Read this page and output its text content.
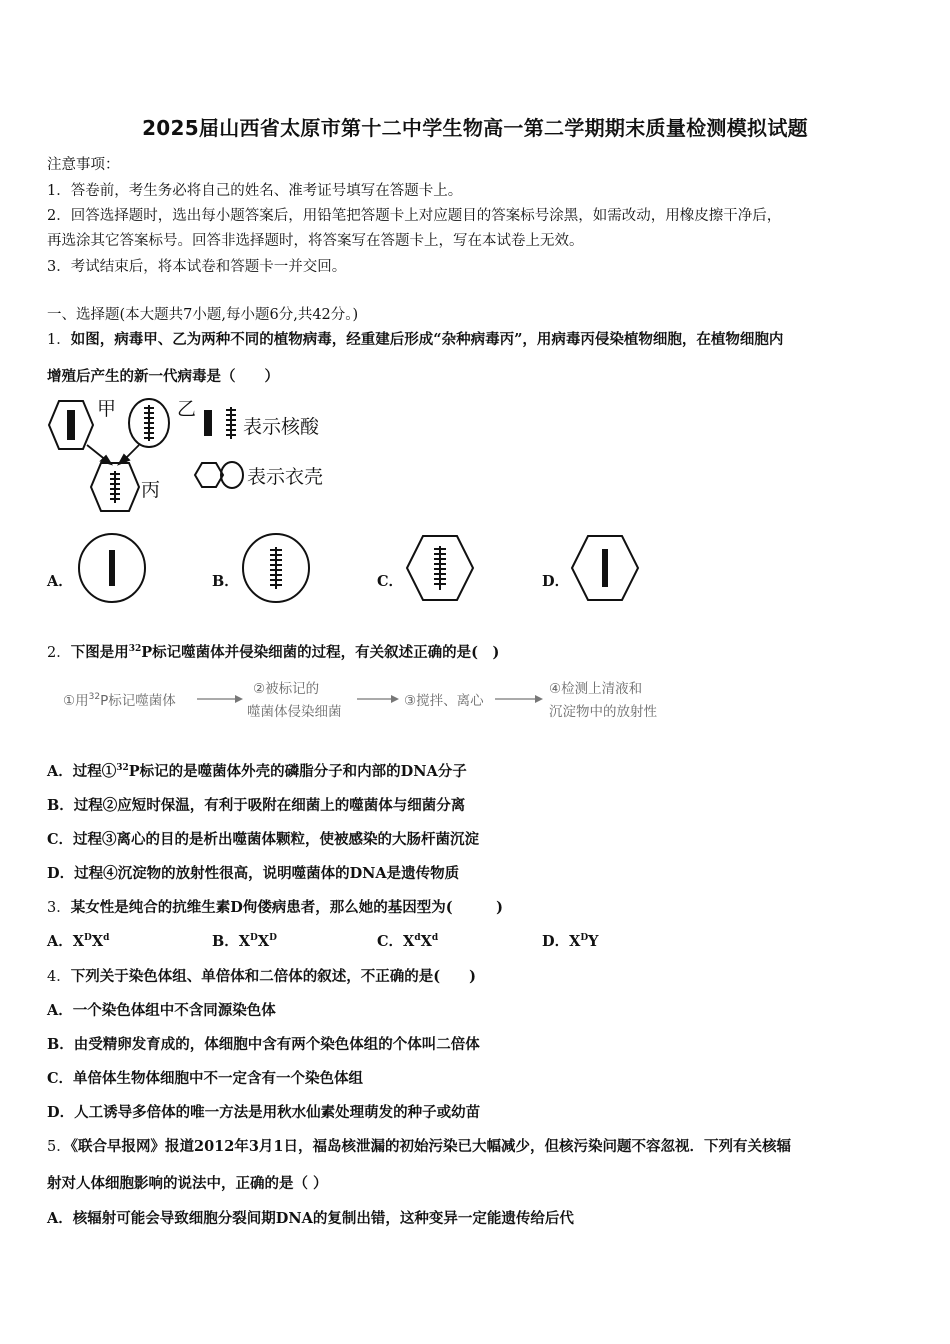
2025届山西省太原市第十二中学生物高一第二学期期末质量检测模拟试题
注意事项：
1．答卷前，考生务必将自己的姓名、准考证号填写在答题卡上。
2．回答选择题时，选出每小题答案后，用铅笔把答题卡上对应题目的答案标号涂黑，如需改动，用橡皮擦干净后，
再选涂其它答案标号。回答非选择题时，将答案写在答题卡上，写在本试卷上无效。
3．考试结束后，将本试卷和答题卡一并交回。
一、选择题(本大题共7小题,每小题6分,共42分。)
1．如图，病毒甲、乙为两种不同的植物病毒，经重建后形成“杂种病毒丙”，用病毒丙侵染植物细胞，在植物细胞内
增殖后产生的新一代病毒是（　　）
甲	乙
丙
表示核酸
表示衣壳
A．	B．	C．	D．
2．下图是用$^{32}$P标记噬菌体并侵染细菌的过程，有关叙述正确的是(　)
①用$^{32}$P标记噬菌体
②被标记的
噬菌体侵染细菌
③搅拌、离心
④检测上清液和
沉淀物中的放射性
A．过程①$^{32}$P标记的是噬菌体外壳的磷脂分子和内部的DNA分子
B．过程②应短时保温，有利于吸附在细菌上的噬菌体与细菌分离
C．过程③离心的目的是析出噬菌体颗粒，使被感染的大肠杆菌沉淀
D．过程④沉淀物的放射性很高，说明噬菌体的DNA是遗传物质
3．某女性是纯合的抗维生素D佝偻病患者，那么她的基因型为(　　　)
A．$X^DX^d$	B．$X^DX^D$	C．$X^dX^d$	D．$X^DY$
4．下列关于染色体组、单倍体和二倍体的叙述，不正确的是(　　)
A．一个染色体组中不含同源染色体
B．由受精卵发育成的，体细胞中含有两个染色体组的个体叫二倍体
C．单倍体生物体细胞中不一定含有一个染色体组
D．人工诱导多倍体的唯一方法是用秋水仙素处理萌发的种子或幼苗
5．《联合早报网》报道2012年3月1日，福岛核泄漏的初始污染已大幅减少，但核污染问题不容忽视．下列有关核辐
射对人体细胞影响的说法中，正确的是（ ）
A．核辐射可能会导致细胞分裂间期DNA的复制出错，这种变异一定能遗传给后代
